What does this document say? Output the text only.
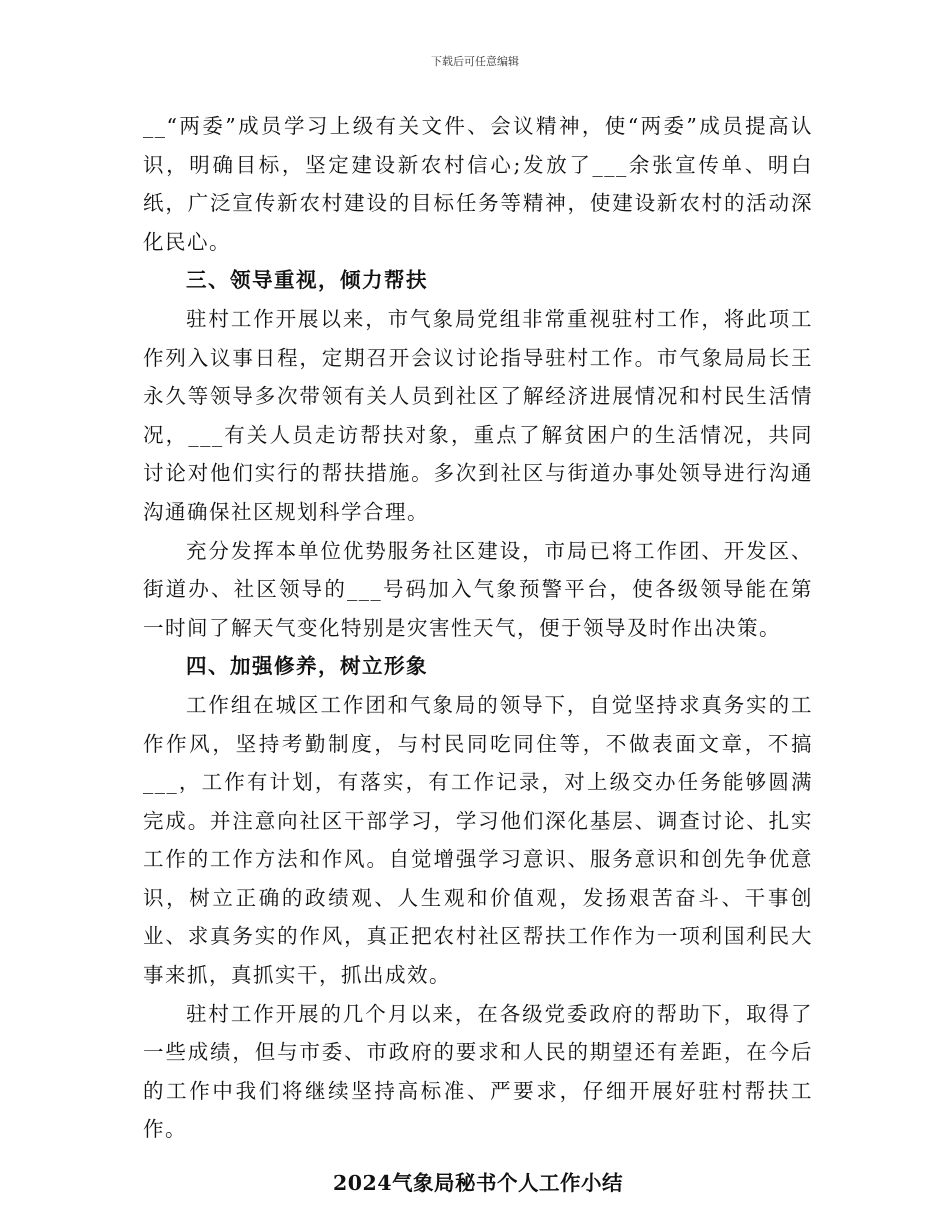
下载后可任意编辑

__“两委”成员学习上级有关文件、会议精神，使“两委”成员提高认识，明确目标，坚定建设新农村信心;发放了___余张宣传单、明白纸，广泛宣传新农村建设的目标任务等精神，使建设新农村的活动深化民心。

三、领导重视，倾力帮扶

驻村工作开展以来，市气象局党组非常重视驻村工作，将此项工作列入议事日程，定期召开会议讨论指导驻村工作。市气象局局长王永久等领导多次带领有关人员到社区了解经济进展情况和村民生活情况，___有关人员走访帮扶对象，重点了解贫困户的生活情况，共同讨论对他们实行的帮扶措施。多次到社区与街道办事处领导进行沟通沟通确保社区规划科学合理。

充分发挥本单位优势服务社区建设，市局已将工作团、开发区、街道办、社区领导的___号码加入气象预警平台，使各级领导能在第一时间了解天气变化特别是灾害性天气，便于领导及时作出决策。

四、加强修养，树立形象

工作组在城区工作团和气象局的领导下，自觉坚持求真务实的工作作风，坚持考勤制度，与村民同吃同住等，不做表面文章，不搞___，工作有计划，有落实，有工作记录，对上级交办任务能够圆满完成。并注意向社区干部学习，学习他们深化基层、调查讨论、扎实工作的工作方法和作风。自觉增强学习意识、服务意识和创先争优意识，树立正确的政绩观、人生观和价值观，发扬艰苦奋斗、干事创业、求真务实的作风，真正把农村社区帮扶工作作为一项利国利民大事来抓，真抓实干，抓出成效。

驻村工作开展的几个月以来，在各级党委政府的帮助下，取得了一些成绩，但与市委、市政府的要求和人民的期望还有差距，在今后的工作中我们将继续坚持高标准、严要求，仔细开展好驻村帮扶工作。

2024气象局秘书个人工作小结
